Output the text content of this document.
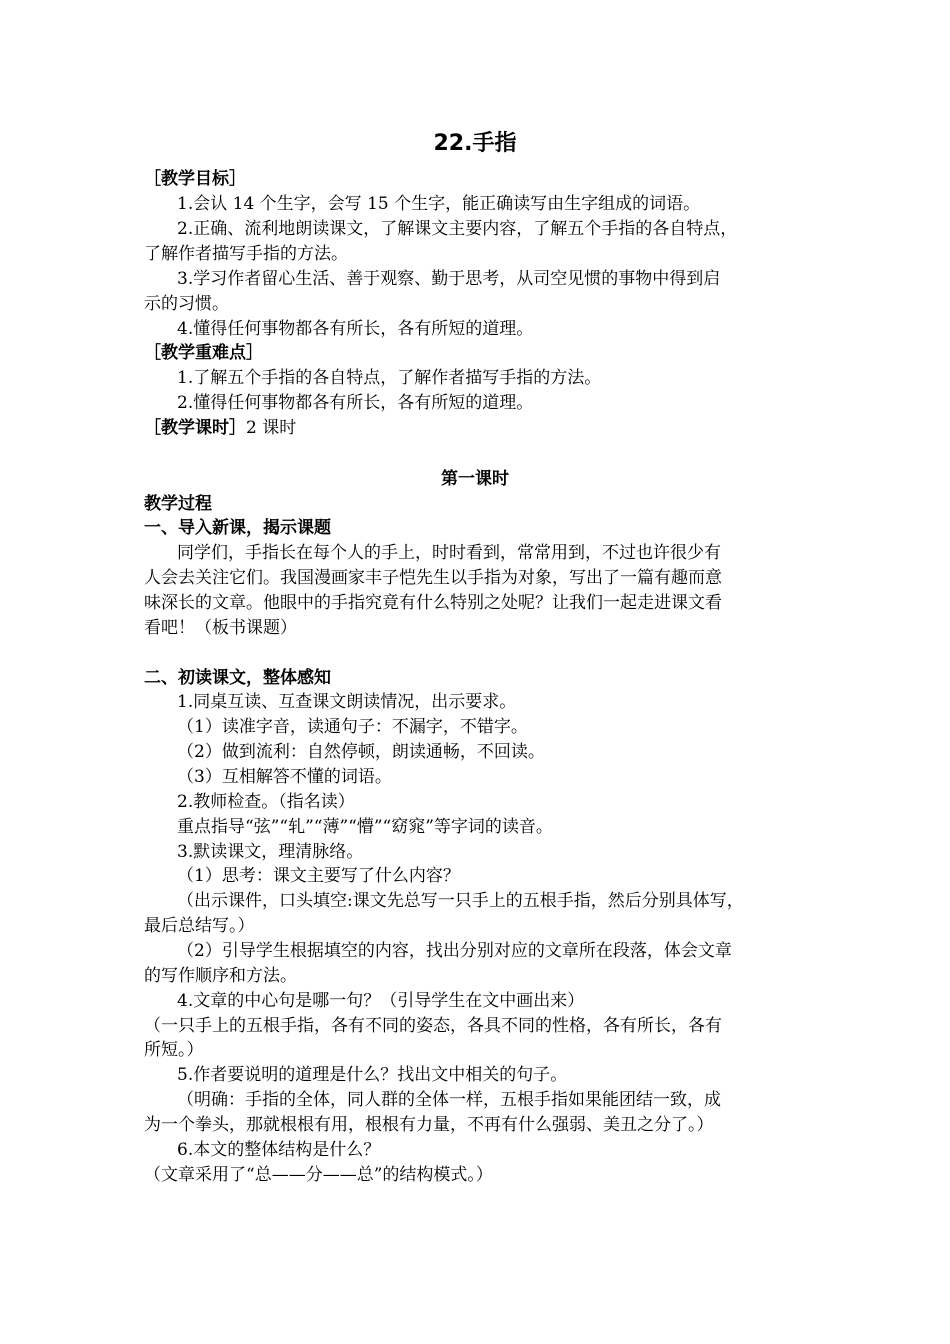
22.手指
［教学目标］
1.会认 14 个生字，会写 15 个生字，能正确读写由生字组成的词语。
2.正确、流利地朗读课文，了解课文主要内容，了解五个手指的各自特点，
了解作者描写手指的方法。
3.学习作者留心生活、善于观察、勤于思考，从司空见惯的事物中得到启
示的习惯。
4.懂得任何事物都各有所长，各有所短的道理。
［教学重难点］
1.了解五个手指的各自特点，了解作者描写手指的方法。
2.懂得任何事物都各有所长，各有所短的道理。
［教学课时］2 课时
第一课时
教学过程
一、导入新课，揭示课题
同学们，手指长在每个人的手上，时时看到，常常用到，不过也许很少有
人会去关注它们。我国漫画家丰子恺先生以手指为对象，写出了一篇有趣而意
味深长的文章。他眼中的手指究竟有什么特别之处呢？让我们一起走进课文看
看吧！（板书课题）
二、初读课文，整体感知
1.同桌互读、互查课文朗读情况，出示要求。
（1）读准字音，读通句子：不漏字，不错字。
（2）做到流利：自然停顿，朗读通畅，不回读。
（3）互相解答不懂的词语。
2.教师检查。（指名读）
重点指导“弦”“轧”“薄”“懵”“窈窕”等字词的读音。
3.默读课文，理清脉络。
（1）思考：课文主要写了什么内容？
（出示课件，口头填空:课文先总写一只手上的五根手指，然后分别具体写，
最后总结写。）
（2）引导学生根据填空的内容，找出分别对应的文章所在段落，体会文章
的写作顺序和方法。
4.文章的中心句是哪一句？（引导学生在文中画出来）
（一只手上的五根手指，各有不同的姿态，各具不同的性格，各有所长，各有
所短。）
5.作者要说明的道理是什么？找出文中相关的句子。
（明确：手指的全体，同人群的全体一样，五根手指如果能团结一致，成
为一个拳头，那就根根有用，根根有力量，不再有什么强弱、美丑之分了。）
6.本文的整体结构是什么？
（文章采用了“总——分——总”的结构模式。）
